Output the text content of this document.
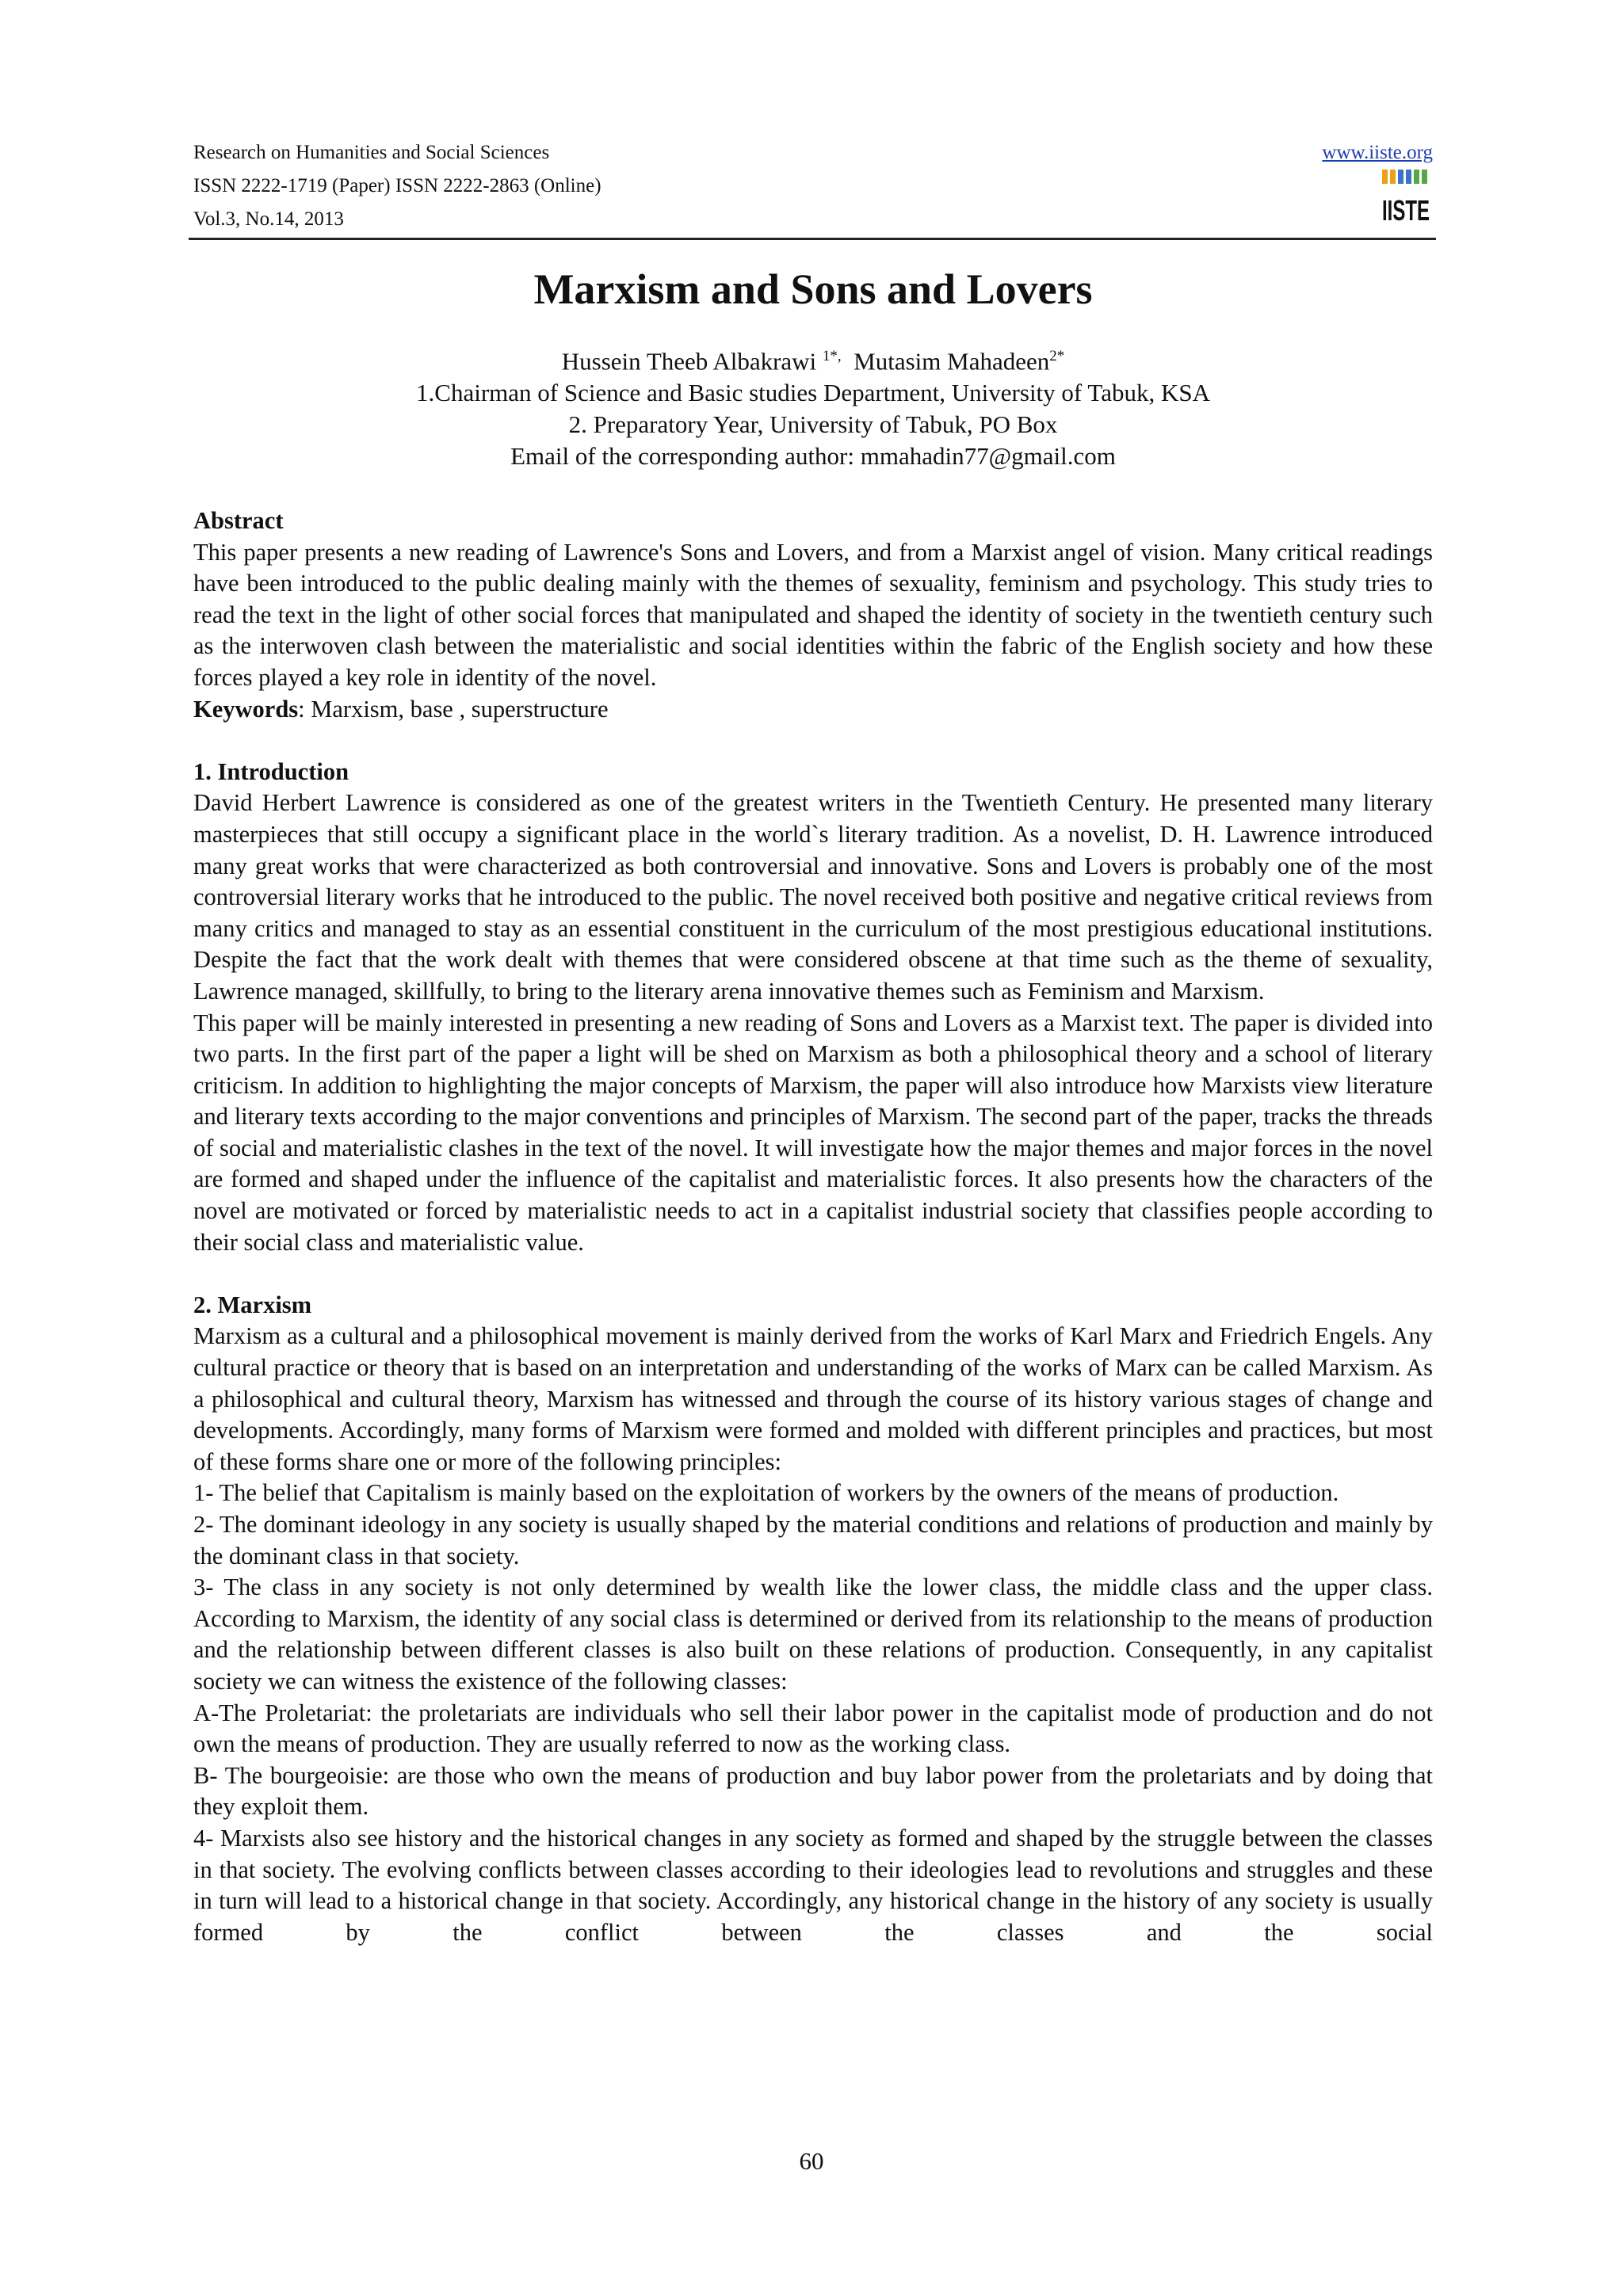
Research on Humanities and Social Sciences
ISSN 2222-1719 (Paper) ISSN 2222-2863 (Online)
Vol.3, No.14, 2013
www.iiste.org
IISTE
Marxism and Sons and Lovers
Hussein Theeb Albakrawi $^{1*,}$ Mutasim Mahadeen$^{2*}$
1.Chairman of Science and Basic studies Department, University of Tabuk, KSA
2. Preparatory Year, University of Tabuk, PO Box
Email of the corresponding author: mmahadin77@gmail.com
Abstract

This paper presents a new reading of Lawrence's Sons and Lovers, and from a Marxist angel of vision. Many critical readings have been introduced to the public dealing mainly with the themes of sexuality, feminism and psychology. This study tries to read the text in the light of other social forces that manipulated and shaped the identity of society in the twentieth century such as the interwoven clash between the materialistic and social identities within the fabric of the English society and how these forces played a key role in identity of the novel.

Keywords: Marxism, base , superstructure

1. Introduction

David Herbert Lawrence is considered as one of the greatest writers in the Twentieth Century. He presented many literary masterpieces that still occupy a significant place in the world`s literary tradition. As a novelist, D. H. Lawrence introduced many great works that were characterized as both controversial and innovative. Sons and Lovers is probably one of the most controversial literary works that he introduced to the public. The novel received both positive and negative critical reviews from many critics and managed to stay as an essential constituent in the curriculum of the most prestigious educational institutions. Despite the fact that the work dealt with themes that were considered obscene at that time such as the theme of sexuality, Lawrence managed, skillfully, to bring to the literary arena innovative themes such as Feminism and Marxism.

This paper will be mainly interested in presenting a new reading of Sons and Lovers as a Marxist text. The paper is divided into two parts. In the first part of the paper a light will be shed on Marxism as both a philosophical theory and a school of literary criticism. In addition to highlighting the major concepts of Marxism, the paper will also introduce how Marxists view literature and literary texts according to the major conventions and principles of Marxism. The second part of the paper, tracks the threads of social and materialistic clashes in the text of the novel. It will investigate how the major themes and major forces in the novel are formed and shaped under the influence of the capitalist and materialistic forces. It also presents how the characters of the novel are motivated or forced by materialistic needs to act in a capitalist industrial society that classifies people according to their social class and materialistic value.

2. Marxism

Marxism as a cultural and a philosophical movement is mainly derived from the works of Karl Marx and Friedrich Engels. Any cultural practice or theory that is based on an interpretation and understanding of the works of Marx can be called Marxism. As a philosophical and cultural theory, Marxism has witnessed and through the course of its history various stages of change and developments. Accordingly, many forms of Marxism were formed and molded with different principles and practices, but most of these forms share one or more of the following principles:

1- The belief that Capitalism is mainly based on the exploitation of workers by the owners of the means of production.

2- The dominant ideology in any society is usually shaped by the material conditions and relations of production and mainly by the dominant class in that society.

3- The class in any society is not only determined by wealth like the lower class, the middle class and the upper class. According to Marxism, the identity of any social class is determined or derived from its relationship to the means of production and the relationship between different classes is also built on these relations of production. Consequently, in any capitalist society we can witness the existence of the following classes:

A-The Proletariat: the proletariats are individuals who sell their labor power in the capitalist mode of production and do not own the means of production. They are usually referred to now as the working class.

B- The bourgeoisie: are those who own the means of production and buy labor power from the proletariats and by doing that they exploit them.

4- Marxists also see history and the historical changes in any society as formed and shaped by the struggle between the classes in that society. The evolving conflicts between classes according to their ideologies lead to revolutions and struggles and these in turn will lead to a historical change in that society. Accordingly, any historical change in the history of any society is usually formed by the conflict between the classes and the social

60
